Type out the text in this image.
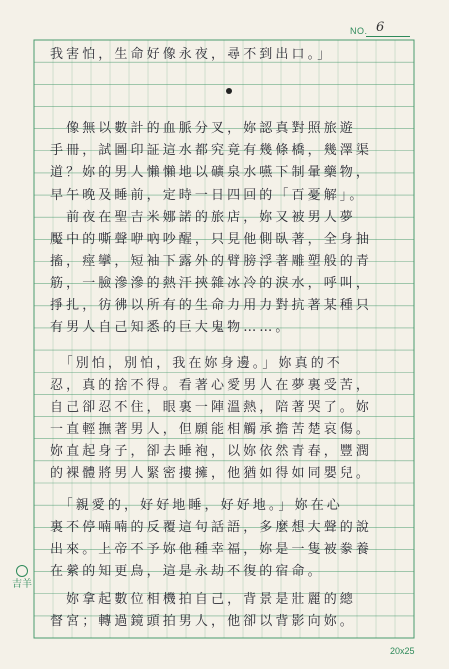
NO. 6
我害怕，生命好像永夜，尋不到出口。」
　像無以數計的血脈分叉，妳認真對照旅遊
手冊，試圖印証這水都究竟有幾條橋，幾澤渠
道？妳的男人懶懶地以礦泉水嚥下制暈藥物，
早午晚及睡前，定時一日四回的「百憂解」。
　前夜在聖吉米娜諾的旅店，妳又被男人夢
魘中的嘶聲咿吶吵醒，只見他側臥著，全身抽
搐，痙攣，短袖下露外的臂膀浮著雕塑般的青
筋，一臉滲滲的熱汗挾雜冰冷的淚水，呼叫，
掙扎，彷彿以所有的生命力用力對抗著某種只
有男人自己知悉的巨大鬼物……。
　「別怕，別怕，我在妳身邊。」妳真的不
忍，真的捨不得。看著心愛男人在夢裏受苦，
自己卻忍不住，眼裏一陣溫熱，陪著哭了。妳
一直輕撫著男人，但願能相觸承擔苦楚哀傷。
妳直起身子，卻去睡袍，以妳依然青春，豐潤
的裸體將男人緊密摟擁，他猶如得如同嬰兒。
　「親愛的，好好地睡，好好地。」妳在心
裏不停喃喃的反覆這句話語，多麼想大聲的說
出來。上帝不予妳他種幸福，妳是一隻被豢養
在縈的知更鳥，這是永劫不復的宿命。
　妳拿起數位相機拍自己，背景是壯麗的總
督宮；轉過鏡頭拍男人，他卻以背影向妳。
吉羊
20x25
